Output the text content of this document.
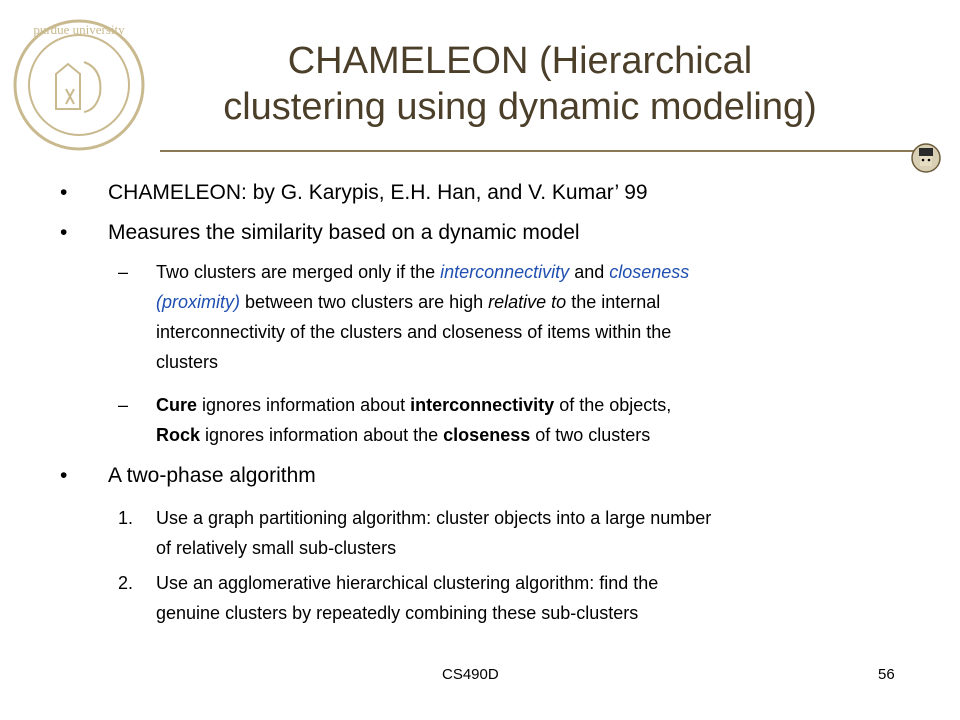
purdue university
CHAMELEON (Hierarchical
clustering using dynamic modeling)
• CHAMELEON: by G. Karypis, E.H. Han, and V. Kumar’ 99
• Measures the similarity based on a dynamic model
– Two clusters are merged only if the interconnectivity and closeness
(proximity) between two clusters are high relative to the internal
interconnectivity of the clusters and closeness of items within the
clusters
– Cure ignores information about interconnectivity of the objects,
Rock ignores information about the closeness of two clusters
• A two-phase algorithm
1. Use a graph partitioning algorithm: cluster objects into a large number
of relatively small sub-clusters
2. Use an agglomerative hierarchical clustering algorithm: find the
genuine clusters by repeatedly combining these sub-clusters
CS490D	56
